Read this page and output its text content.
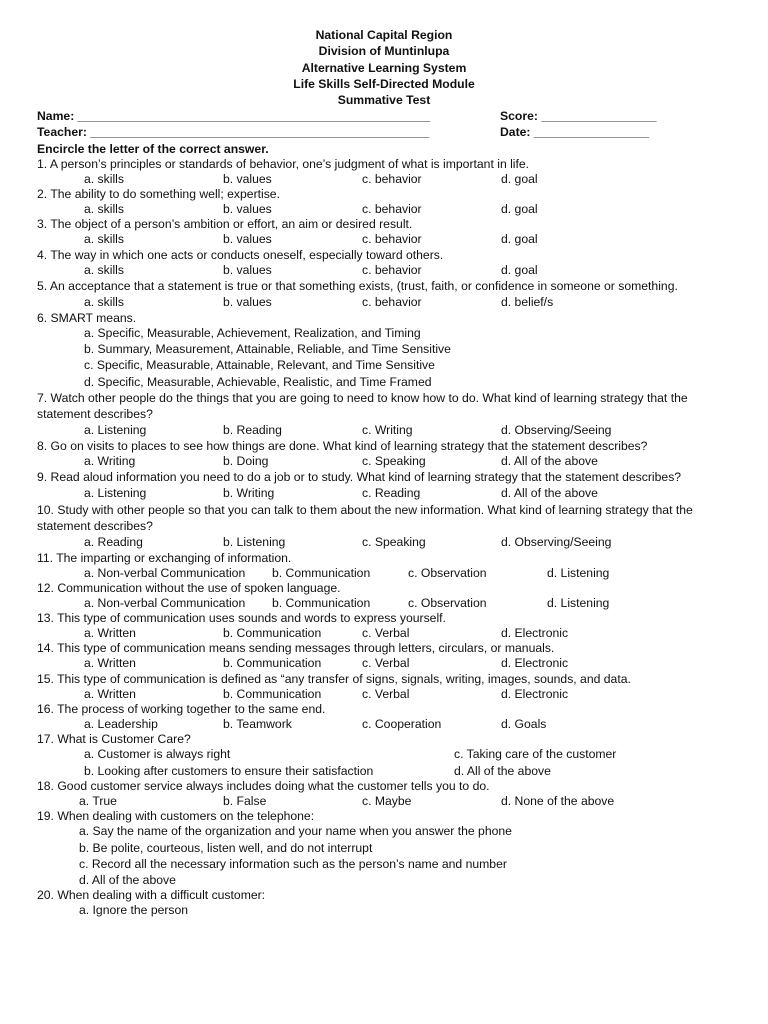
National Capital Region
Division of Muntinlupa
Alternative Learning System
Life Skills Self-Directed Module
Summative Test
Name: ____________________________________________________	Score: _________________
Teacher: __________________________________________________	Date: _________________
Encircle the letter of the correct answer.
1. A person’s principles or standards of behavior, one’s judgment of what is important in life.
a. skills	b. values	c. behavior	d. goal
2. The ability to do something well; expertise.
a. skills	b. values	c. behavior	d. goal
3. The object of a person’s ambition or effort, an aim or desired result.
a. skills	b. values	c. behavior	d. goal
4. The way in which one acts or conducts oneself, especially toward others.
a. skills	b. values	c. behavior	d. goal
5. An acceptance that a statement is true or that something exists, (trust, faith, or confidence in someone or something.
a. skills	b. values	c. behavior	d. belief/s
6. SMART means.
a. Specific, Measurable, Achievement, Realization, and Timing
b. Summary, Measurement, Attainable, Reliable, and Time Sensitive
c. Specific, Measurable, Attainable, Relevant, and Time Sensitive
d. Specific, Measurable, Achievable, Realistic, and Time Framed
7. Watch other people do the things that you are going to need to know how to do. What kind of learning strategy that the statement describes?
a. Listening	b. Reading	c. Writing	d. Observing/Seeing
8. Go on visits to places to see how things are done. What kind of learning strategy that the statement describes?
a. Writing	b. Doing	c. Speaking	d. All of the above
9. Read aloud information you need to do a job or to study. What kind of learning strategy that the statement describes?
a. Listening	b. Writing	c. Reading	d. All of the above
10. Study with other people so that you can talk to them about the new information. What kind of learning strategy that the statement describes?
a. Reading	b. Listening	c. Speaking	d. Observing/Seeing
11. The imparting or exchanging of information.
a. Non-verbal Communication b. Communication	c. Observation	d. Listening
12. Communication without the use of spoken language.
a. Non-verbal Communication b. Communication	c. Observation	d. Listening
13. This type of communication uses sounds and words to express yourself.
a. Written	b. Communication	c. Verbal	d. Electronic
14. This type of communication means sending messages through letters, circulars, or manuals.
a. Written	b. Communication	c. Verbal	d. Electronic
15. This type of communication is defined as “any transfer of signs, signals, writing, images, sounds, and data.
a. Written	b. Communication	c. Verbal	d. Electronic
16. The process of working together to the same end.
a. Leadership	b. Teamwork	c. Cooperation	d. Goals
17. What is Customer Care?
a. Customer is always right	c. Taking care of the customer
b. Looking after customers to ensure their satisfaction	d. All of the above
18. Good customer service always includes doing what the customer tells you to do.
a. True	b. False	c. Maybe	d. None of the above
19. When dealing with customers on the telephone:
a. Say the name of the organization and your name when you answer the phone
b. Be polite, courteous, listen well, and do not interrupt
c. Record all the necessary information such as the person’s name and number
d. All of the above
20. When dealing with a difficult customer:
a. Ignore the person
